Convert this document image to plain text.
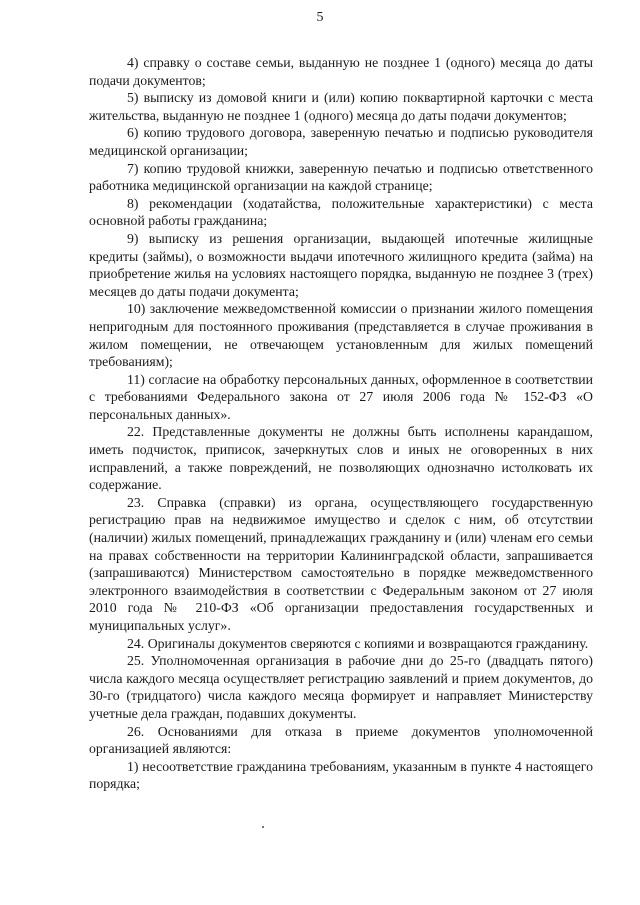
5

4) справку о составе семьи, выданную не позднее 1 (одного) месяца до даты подачи документов;

5) выписку из домовой книги и (или) копию поквартирной карточки с места жительства, выданную не позднее 1 (одного) месяца до даты подачи документов;

6) копию трудового договора, заверенную печатью и подписью руководителя медицинской организации;

7) копию трудовой книжки, заверенную печатью и подписью ответственного работника медицинской организации на каждой странице;

8) рекомендации (ходатайства, положительные характеристики) с места основной работы гражданина;

9) выписку из решения организации, выдающей ипотечные жилищные кредиты (займы), о возможности выдачи ипотечного жилищного кредита (займа) на приобретение жилья на условиях настоящего порядка, выданную не позднее 3 (трех) месяцев до даты подачи документа;

10) заключение межведомственной комиссии о признании жилого помещения непригодным для постоянного проживания (представляется в случае проживания в жилом помещении, не отвечающем установленным для жилых помещений требованиям);

11) согласие на обработку персональных данных, оформленное в соответствии с требованиями Федерального закона от 27 июля 2006 года № 152-ФЗ «О персональных данных».

22. Представленные документы не должны быть исполнены карандашом, иметь подчисток, приписок, зачеркнутых слов и иных не оговоренных в них исправлений, а также повреждений, не позволяющих однозначно истолковать их содержание.

23. Справка (справки) из органа, осуществляющего государственную регистрацию прав на недвижимое имущество и сделок с ним, об отсутствии (наличии) жилых помещений, принадлежащих гражданину и (или) членам его семьи на правах собственности на территории Калининградской области, запрашивается (запрашиваются) Министерством самостоятельно в порядке межведомственного электронного взаимодействия в соответствии с Федеральным законом от 27 июля 2010 года № 210-ФЗ «Об организации предоставления государственных и муниципальных услуг».

24. Оригиналы документов сверяются с копиями и возвращаются гражданину.

25. Уполномоченная организация в рабочие дни до 25-го (двадцать пятого) числа каждого месяца осуществляет регистрацию заявлений и прием документов, до 30-го (тридцатого) числа каждого месяца формирует и направляет Министерству учетные дела граждан, подавших документы.

26. Основаниями для отказа в приеме документов уполномоченной организацией являются:

1) несоответствие гражданина требованиям, указанным в пункте 4 настоящего порядка;
